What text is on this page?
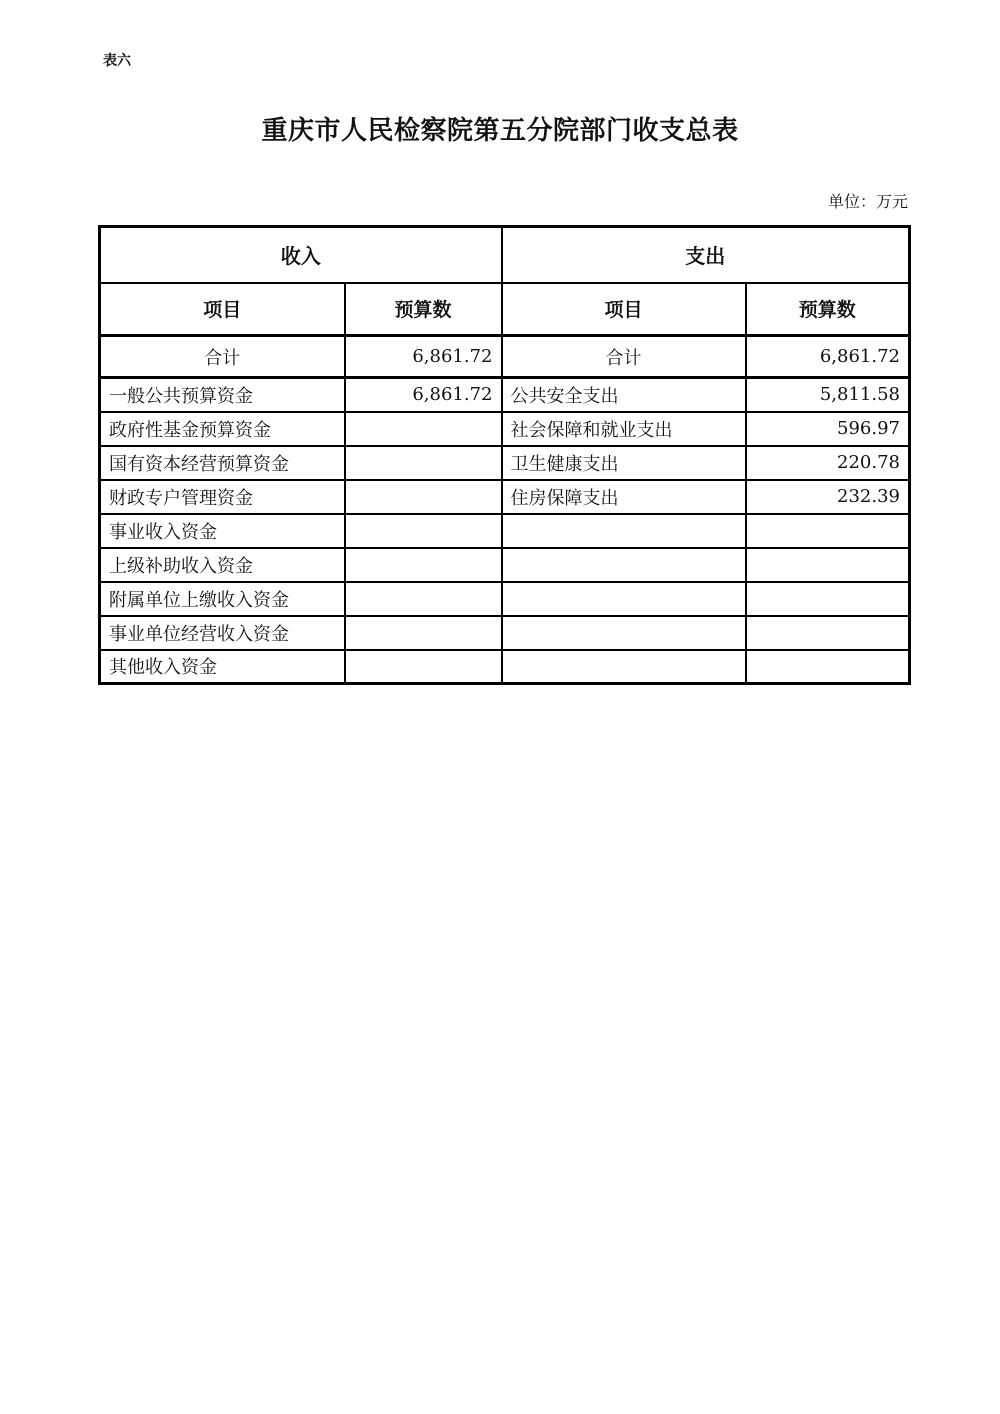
表六
重庆市人民检察院第五分院部门收支总表
单位：万元
收入		支出	
项目	预算数	项目	预算数
合计	6,861.72	合计	6,861.72
一般公共预算资金	6,861.72	公共安全支出	5,811.58
政府性基金预算资金		社会保障和就业支出	596.97
国有资本经营预算资金		卫生健康支出	220.78
财政专户管理资金		住房保障支出	232.39
事业收入资金			
上级补助收入资金			
附属单位上缴收入资金			
事业单位经营收入资金			
其他收入资金			
